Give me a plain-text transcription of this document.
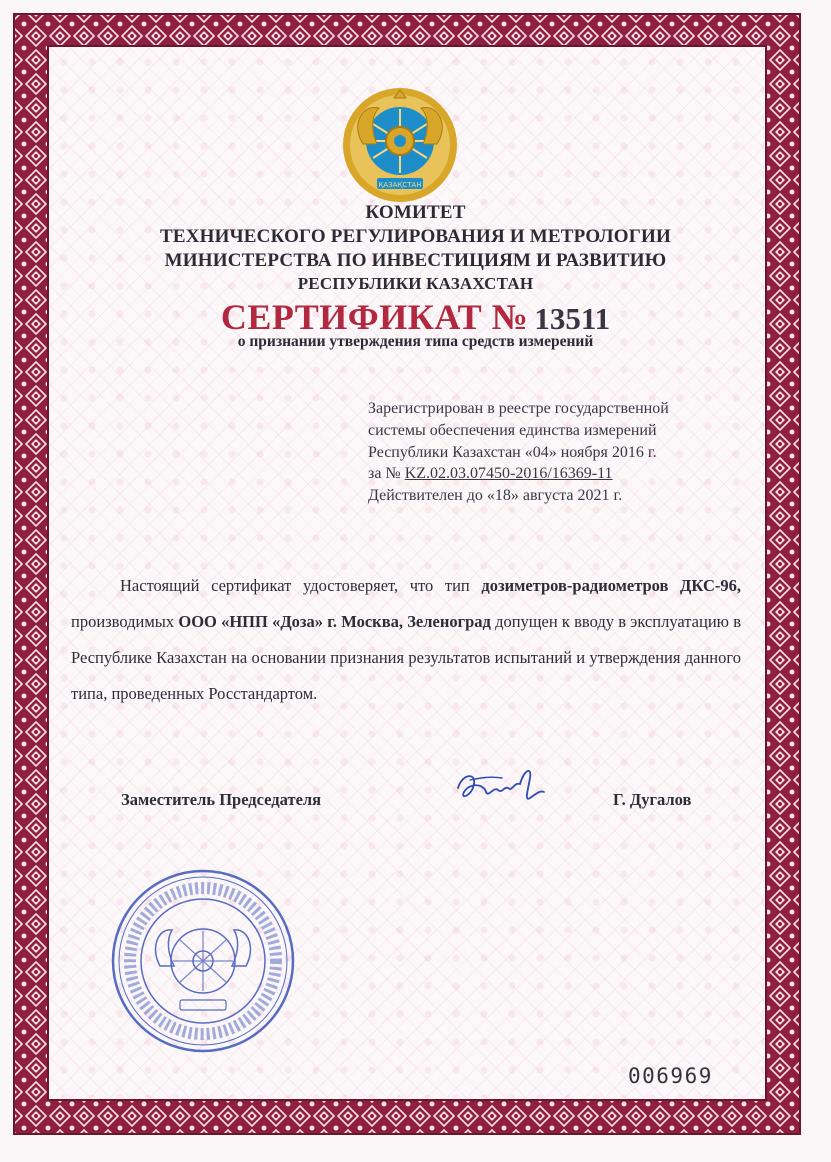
ҚАЗАҚСТАН
КОМИТЕТ
ТЕХНИЧЕСКОГО РЕГУЛИРОВАНИЯ И МЕТРОЛОГИИ
МИНИСТЕРСТВА ПО ИНВЕСТИЦИЯМ И РАЗВИТИЮ
РЕСПУБЛИКИ КАЗАХСТАН
СЕРТИФИКАТ № 13511
о признании утверждения типа средств измерений
Зарегистрирован в реестре государственной
системы обеспечения единства измерений
Республики Казахстан «04» ноября 2016 г.
за № KZ.02.03.07450-2016/16369-11
Действителен до «18» августа 2021 г.
Настоящий сертификат удостоверяет, что тип дозиметров-радиометров ДКС-96, производимых ООО «НПП «Доза» г. Москва, Зеленоград допущен к вводу в эксплуатацию в Республике Казахстан на основании признания результатов испытаний и утверждения данного типа, проведенных Росстандартом.
Заместитель Председателя	Г. Дугалов
006969
